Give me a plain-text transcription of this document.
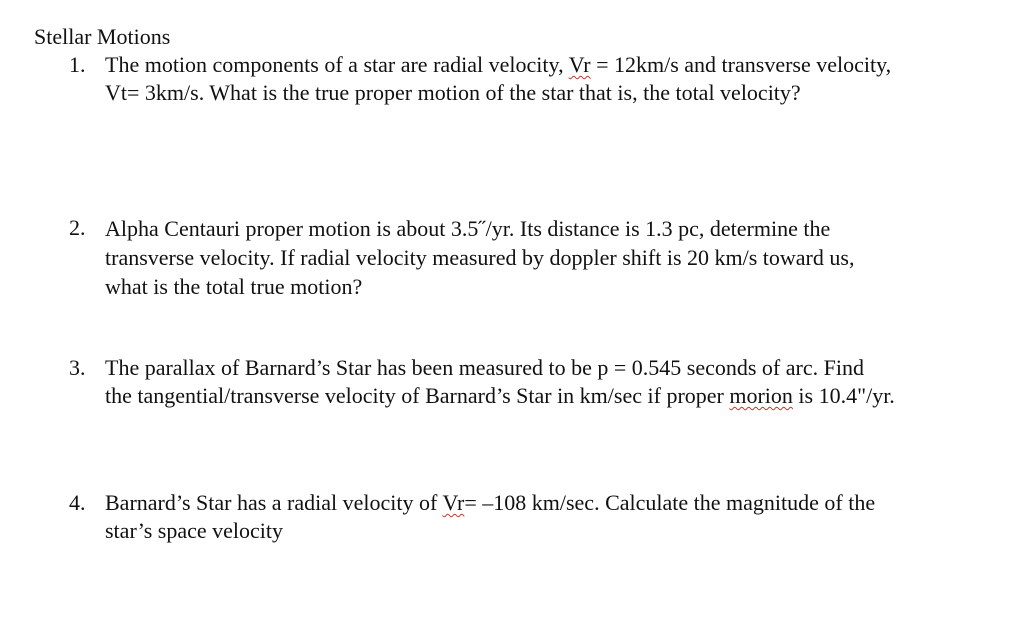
Stellar Motions
1. The motion components of a star are radial velocity, Vr = 12km/s and transverse velocity,
Vt= 3km/s. What is the true proper motion of the star that is, the total velocity?
2. Alpha Centauri proper motion is about 3.5˝/yr. Its distance is 1.3 pc, determine the
transverse velocity. If radial velocity measured by doppler shift is 20 km/s toward us,
what is the total true motion?
3. The parallax of Barnard’s Star has been measured to be p = 0.545 seconds of arc. Find
the tangential/transverse velocity of Barnard’s Star in km/sec if proper morion is 10.4"/yr.
4. Barnard’s Star has a radial velocity of Vr= –108 km/sec. Calculate the magnitude of the
star’s space velocity
